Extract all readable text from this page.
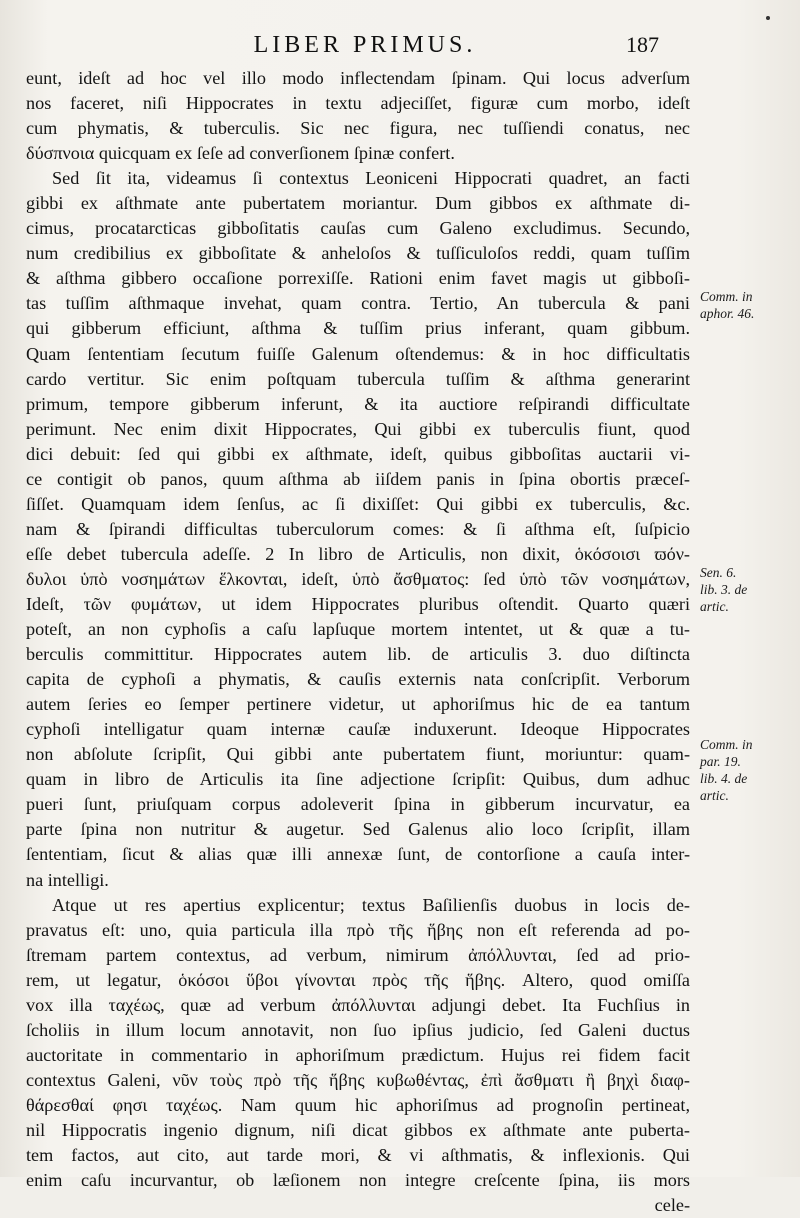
LIBER PRIMUS.	187
eunt, ideſt ad hoc vel illo modo inflectendam ſpinam. Qui locus adverſum
nos faceret, niſi Hippocrates in textu adjeciſſet, figuræ cum morbo, ideſt
cum phymatis, & tuberculis. Sic nec figura, nec tuſſiendi conatus, nec
δύσπνοια quicquam ex ſeſe ad converſionem ſpinæ confert.
Sed ſit ita, videamus ſi contextus Leoniceni Hippocrati quadret, an facti
gibbi ex aſthmate ante pubertatem moriantur. Dum gibbos ex aſthmate di-
cimus, procatarcticas gibboſitatis cauſas cum Galeno excludimus. Secundo,
num credibilius ex gibboſitate & anheloſos & tuſſiculoſos reddi, quam tuſſim
& aſthma gibbero occaſione porrexiſſe. Rationi enim favet magis ut gibboſi-
tas tuſſim aſthmaque invehat, quam contra. Tertio, An tubercula & pani
qui gibberum efficiunt, aſthma & tuſſim prius inferant, quam gibbum.
Quam ſententiam ſecutum fuiſſe Galenum oſtendemus: & in hoc difficultatis
cardo vertitur. Sic enim poſtquam tubercula tuſſim & aſthma generarint
primum, tempore gibberum inferunt, & ita auctiore reſpirandi difficultate
perimunt. Nec enim dixit Hippocrates, Qui gibbi ex tuberculis fiunt, quod
dici debuit: ſed qui gibbi ex aſthmate, ideſt, quibus gibboſitas auctarii vi-
ce contigit ob panos, quum aſthma ab iiſdem panis in ſpina obortis præceſ-
ſiſſet. Quamquam idem ſenſus, ac ſi dixiſſet: Qui gibbi ex tuberculis, &c.
nam & ſpirandi difficultas tuberculorum comes: & ſi aſthma eſt, ſuſpicio
eſſe debet tubercula adeſſe. 2 In libro de Articulis, non dixit, ὁκόσοισι ϖόν-
δυλοι ὑπὸ νοσημάτων ἕλκονται, ideſt, ὑπὸ ἄσθματος: ſed ὑπὸ τῶν νοσημάτων,
Ideſt, τῶν φυμάτων, ut idem Hippocrates pluribus oſtendit. Quarto quæri
poteſt, an non cyphoſis a caſu lapſuque mortem intentet, ut & quæ a tu-
berculis committitur. Hippocrates autem lib. de articulis 3. duo diſtincta
capita de cyphoſi a phymatis, & cauſis externis nata conſcripſit. Verborum
autem ſeries eo ſemper pertinere videtur, ut aphoriſmus hic de ea tantum
cyphoſi intelligatur quam internæ cauſæ induxerunt. Ideoque Hippocrates
non abſolute ſcripſit, Qui gibbi ante pubertatem fiunt, moriuntur: quam-
quam in libro de Articulis ita ſine adjectione ſcripſit: Quibus, dum adhuc
pueri ſunt, priuſquam corpus adoleverit ſpina in gibberum incurvatur, ea
parte ſpina non nutritur & augetur. Sed Galenus alio loco ſcripſit, illam
ſententiam, ſicut & alias quæ illi annexæ ſunt, de contorſione a cauſa inter-
na intelligi.
Atque ut res apertius explicentur; textus Baſilienſis duobus in locis de-
pravatus eſt: uno, quia particula illa πρὸ τῆς ἥβης non eſt referenda ad po-
ſtremam partem contextus, ad verbum, nimirum ἀπόλλυνται, ſed ad prio-
rem, ut legatur, ὁκόσοι ὕβοι γίνονται πρὸς τῆς ἥβης. Altero, quod omiſſa
vox illa ταχέως, quæ ad verbum ἀπόλλυνται adjungi debet. Ita Fuchſius in
ſcholiis in illum locum annotavit, non ſuo ipſius judicio, ſed Galeni ductus
auctoritate in commentario in aphoriſmum prædictum. Hujus rei fidem facit
contextus Galeni, νῦν τοὺς πρὸ τῆς ἥβης κυβωθέντας, ἐπὶ ἄσθματι ἢ βηχὶ διαφ-
θάρεσθαί φησι ταχέως. Nam quum hic aphoriſmus ad prognoſin pertineat,
nil Hippocratis ingenio dignum, niſi dicat gibbos ex aſthmate ante puberta-
tem factos, aut cito, aut tarde mori, & vi aſthmatis, & inflexionis. Qui
enim caſu incurvantur, ob læſionem non integre creſcente ſpina, iis mors
cele-
Comm. in
aphor. 46.
Sen. 6.
lib. 3. de
artic.
Comm. in
par. 19.
lib. 4. de
artic.
